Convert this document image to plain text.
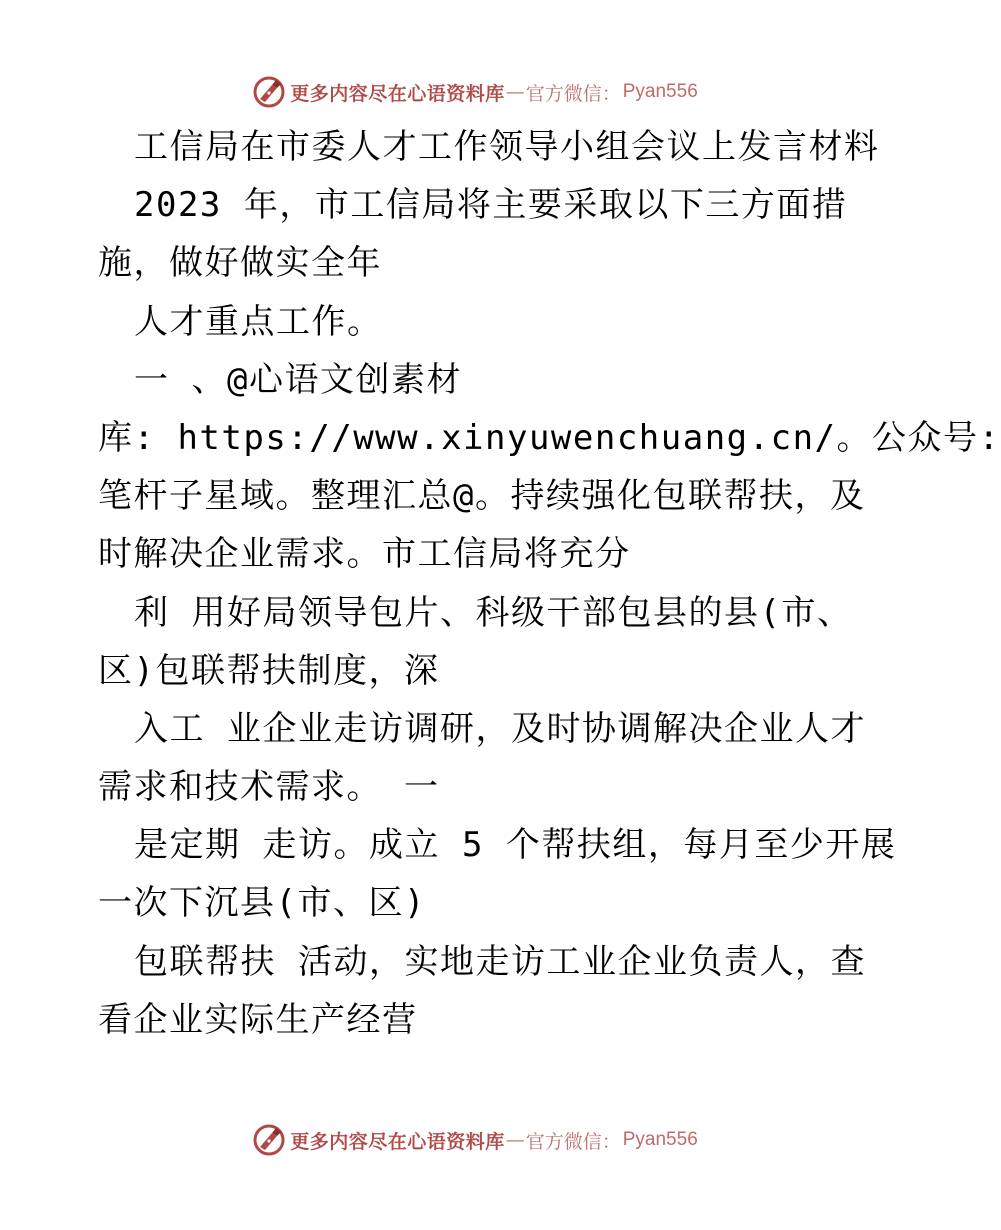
更多内容尽在心语资料库 — 官方微信： Pyan556
工信局在市委人才工作领导小组会议上发言材料
2023 年，市工信局将主要采取以下三方面措
施，做好做实全年
人才重点工作。
一 、@心语文创素材
库: https://www.xinyuwenchuang.cn/。公众号:
笔杆子星域。整理汇总@。持续强化包联帮扶，及
时解决企业需求。市工信局将充分
利 用好局领导包片、科级干部包县的县(市、
区)包联帮扶制度，深
入工 业企业走访调研，及时协调解决企业人才
需求和技术需求。 一
是定期 走访。成立 5 个帮扶组，每月至少开展
一次下沉县(市、区)
包联帮扶 活动，实地走访工业企业负责人，查
看企业实际生产经营
更多内容尽在心语资料库 — 官方微信： Pyan556
